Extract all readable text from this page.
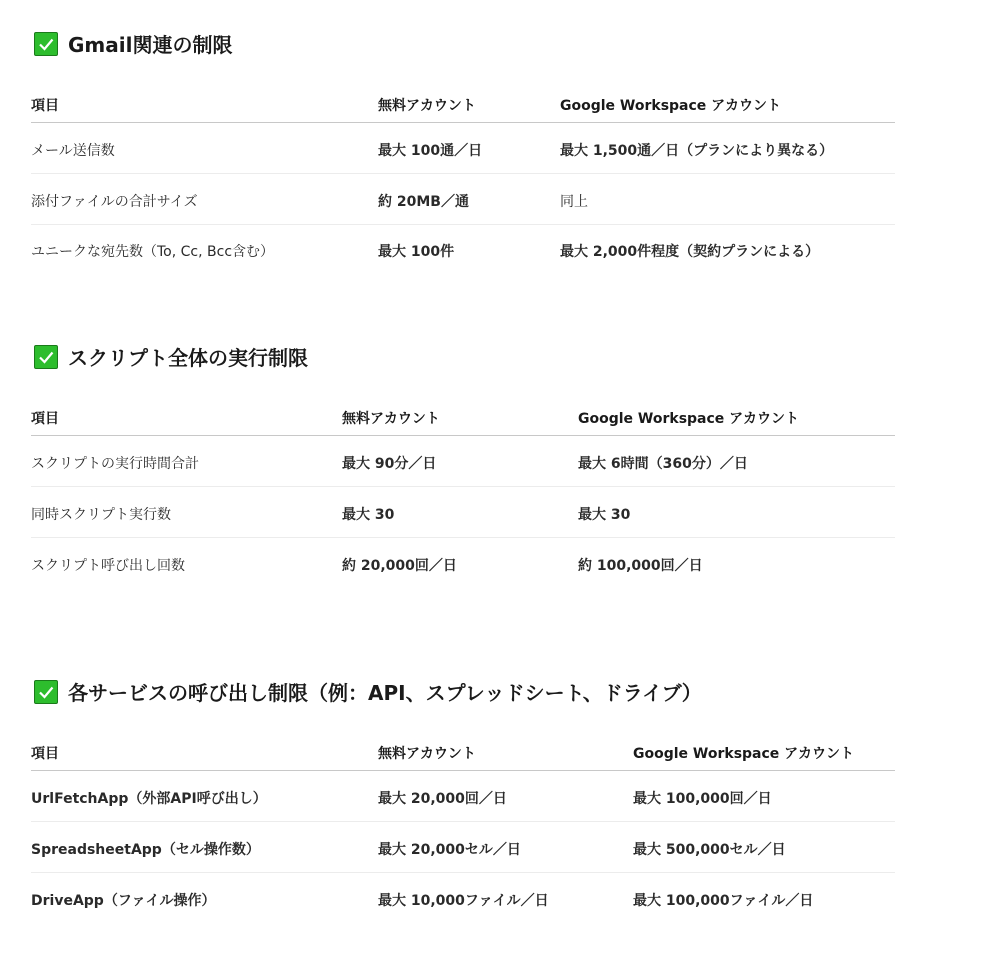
Gmail関連の制限
項目	無料アカウント	Google Workspace アカウント
メール送信数	最大 100通／日	最大 1,500通／日（プランにより異なる）
添付ファイルの合計サイズ	約 20MB／通	同上
ユニークな宛先数（To, Cc, Bcc含む）	最大 100件	最大 2,000件程度（契約プランによる）
スクリプト全体の実行制限
項目	無料アカウント	Google Workspace アカウント
スクリプトの実行時間合計	最大 90分／日	最大 6時間（360分）／日
同時スクリプト実行数	最大 30	最大 30
スクリプト呼び出し回数	約 20,000回／日	約 100,000回／日
各サービスの呼び出し制限（例：API、スプレッドシート、ドライブ）
項目	無料アカウント	Google Workspace アカウント
UrlFetchApp（外部API呼び出し）	最大 20,000回／日	最大 100,000回／日
SpreadsheetApp（セル操作数）	最大 20,000セル／日	最大 500,000セル／日
DriveApp（ファイル操作）	最大 10,000ファイル／日	最大 100,000ファイル／日
